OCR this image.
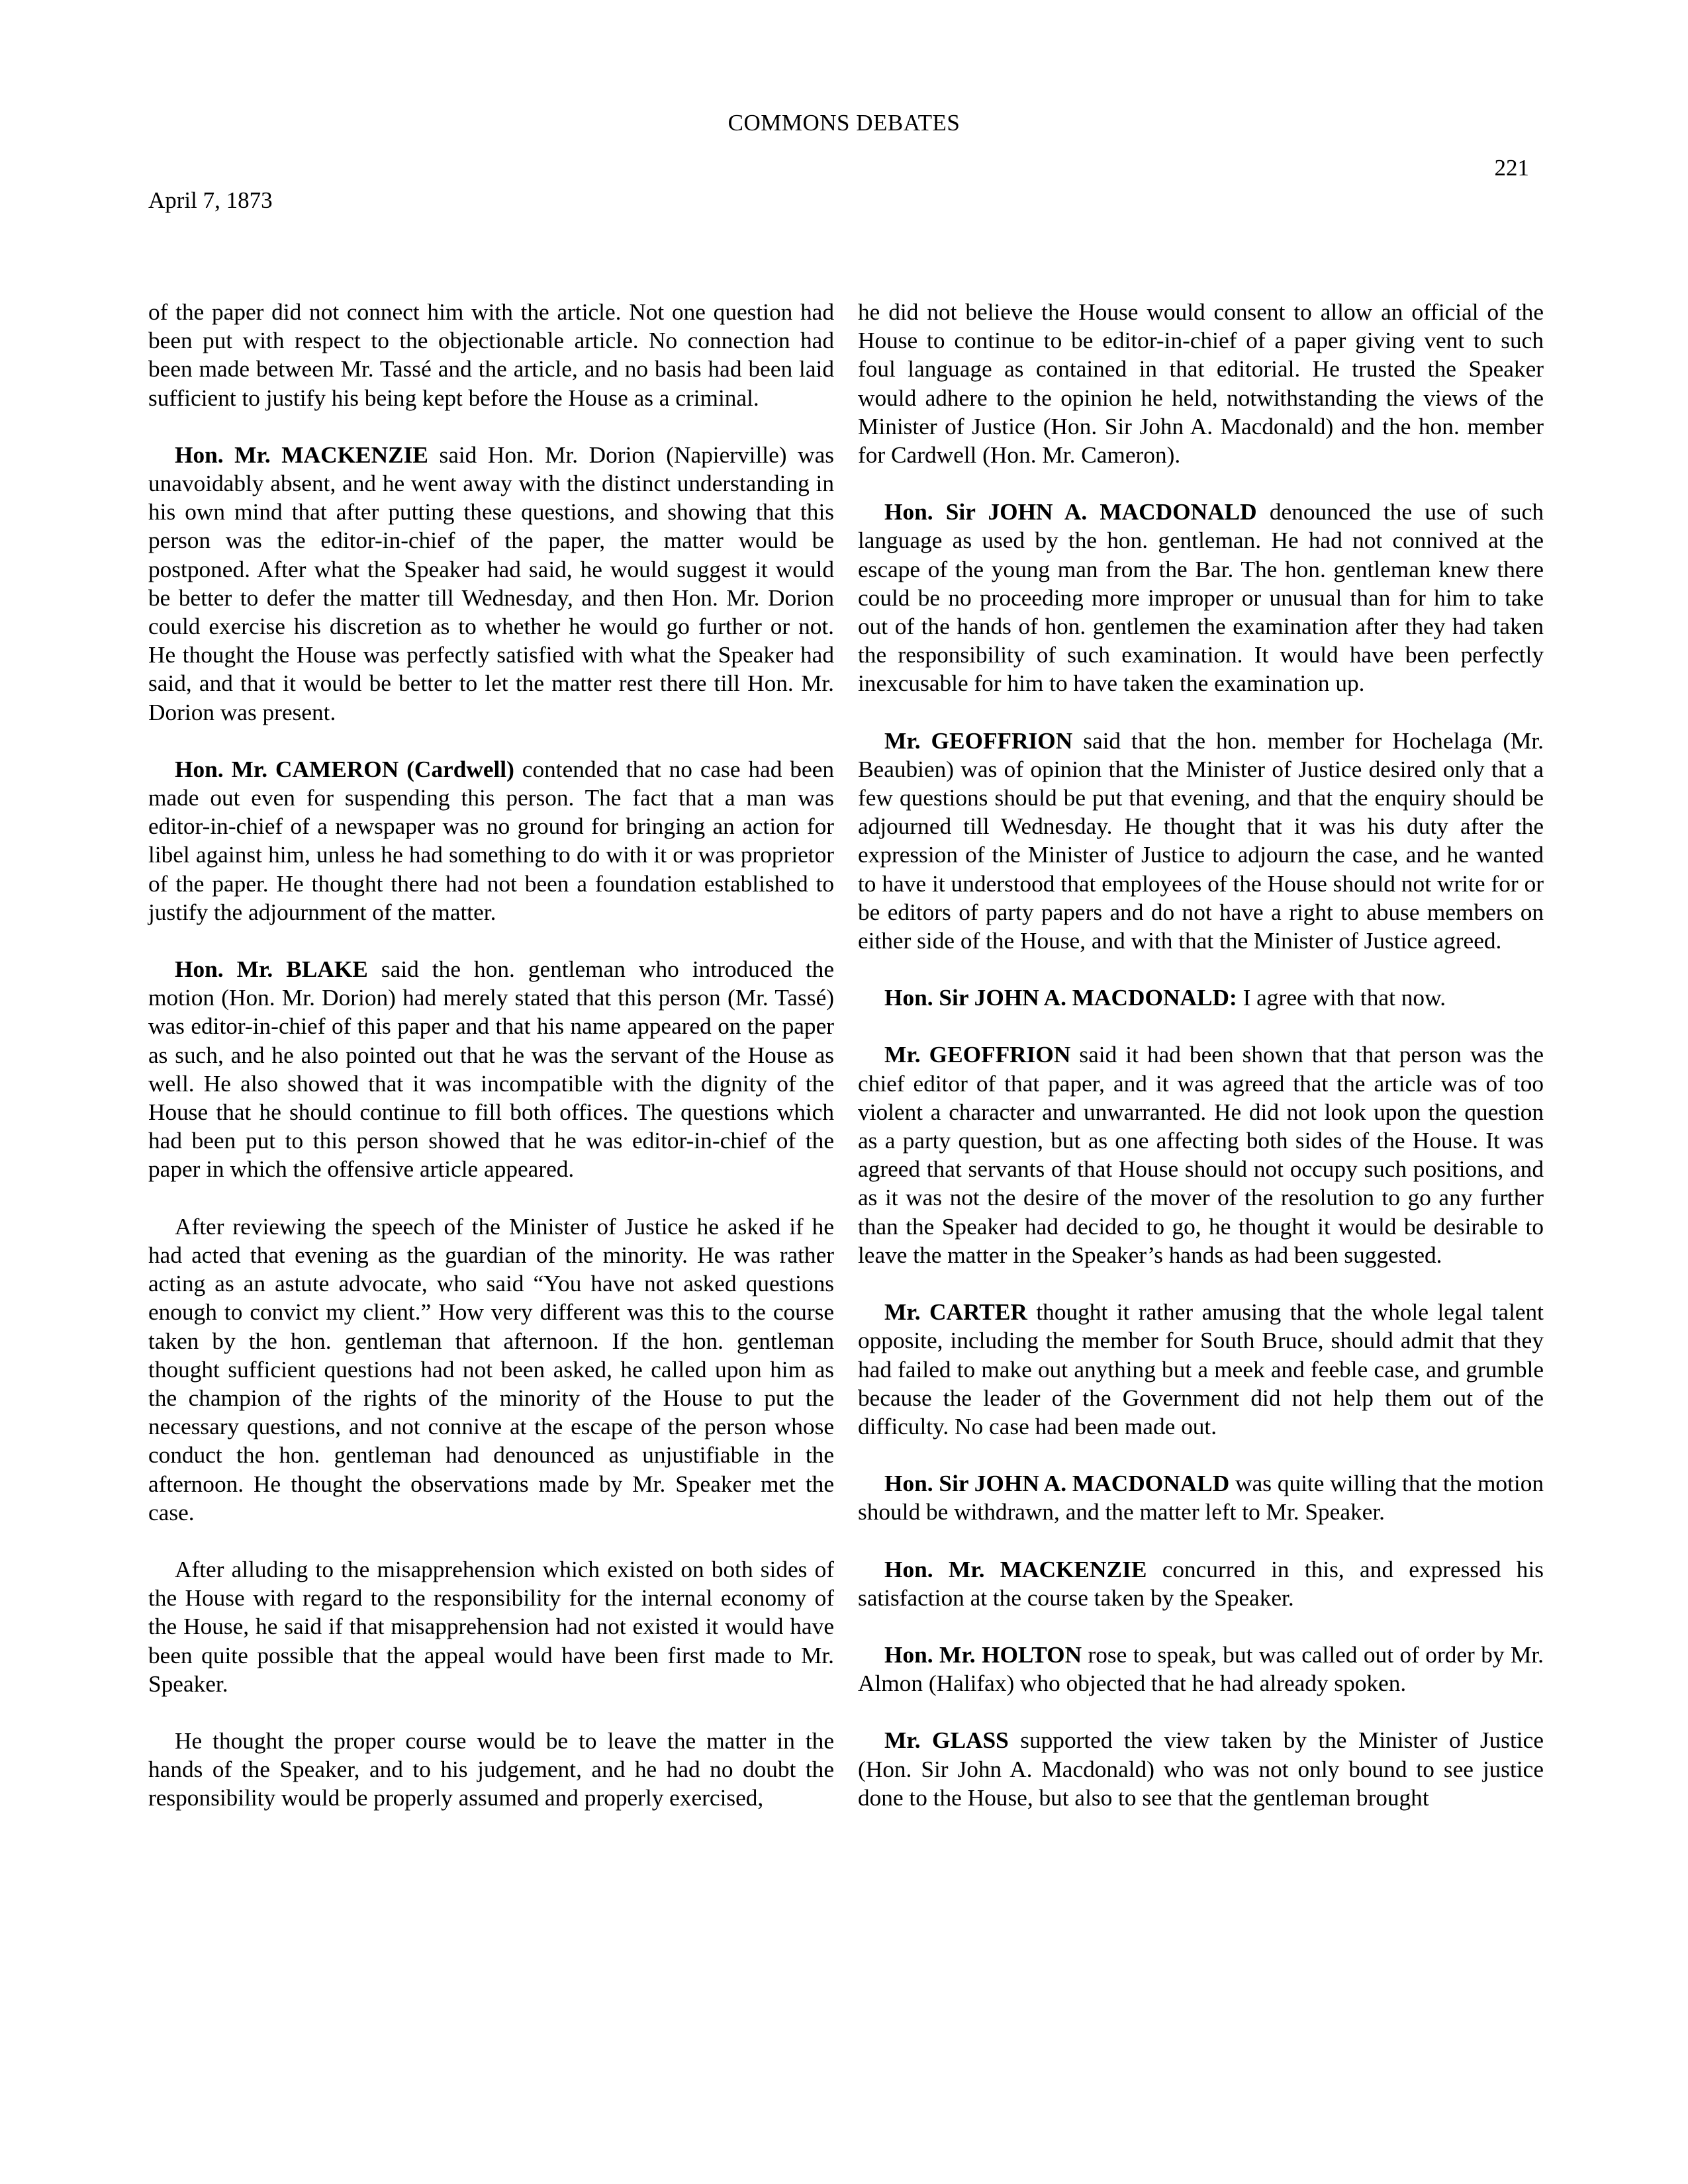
COMMONS DEBATES
221
April 7, 1873

of the paper did not connect him with the article. Not one question had been put with respect to the objectionable article. No connection had been made between Mr. Tassé and the article, and no basis had been laid sufficient to justify his being kept before the House as a criminal.

Hon. Mr. MACKENZIE said Hon. Mr. Dorion (Napierville) was unavoidably absent, and he went away with the distinct understanding in his own mind that after putting these questions, and showing that this person was the editor-in-chief of the paper, the matter would be postponed. After what the Speaker had said, he would suggest it would be better to defer the matter till Wednesday, and then Hon. Mr. Dorion could exercise his discretion as to whether he would go further or not. He thought the House was perfectly satisfied with what the Speaker had said, and that it would be better to let the matter rest there till Hon. Mr. Dorion was present.

Hon. Mr. CAMERON (Cardwell) contended that no case had been made out even for suspending this person. The fact that a man was editor-in-chief of a newspaper was no ground for bringing an action for libel against him, unless he had something to do with it or was proprietor of the paper. He thought there had not been a foundation established to justify the adjournment of the matter.

Hon. Mr. BLAKE said the hon. gentleman who introduced the motion (Hon. Mr. Dorion) had merely stated that this person (Mr. Tassé) was editor-in-chief of this paper and that his name appeared on the paper as such, and he also pointed out that he was the servant of the House as well. He also showed that it was incompatible with the dignity of the House that he should continue to fill both offices. The questions which had been put to this person showed that he was editor-in-chief of the paper in which the offensive article appeared.

After reviewing the speech of the Minister of Justice he asked if he had acted that evening as the guardian of the minority. He was rather acting as an astute advocate, who said “You have not asked questions enough to convict my client.” How very different was this to the course taken by the hon. gentleman that afternoon. If the hon. gentleman thought sufficient questions had not been asked, he called upon him as the champion of the rights of the minority of the House to put the necessary questions, and not connive at the escape of the person whose conduct the hon. gentleman had denounced as unjustifiable in the afternoon. He thought the observations made by Mr. Speaker met the case.

After alluding to the misapprehension which existed on both sides of the House with regard to the responsibility for the internal economy of the House, he said if that misapprehension had not existed it would have been quite possible that the appeal would have been first made to Mr. Speaker.

He thought the proper course would be to leave the matter in the hands of the Speaker, and to his judgement, and he had no doubt the responsibility would be properly assumed and properly exercised,

he did not believe the House would consent to allow an official of the House to continue to be editor-in-chief of a paper giving vent to such foul language as contained in that editorial. He trusted the Speaker would adhere to the opinion he held, notwithstanding the views of the Minister of Justice (Hon. Sir John A. Macdonald) and the hon. member for Cardwell (Hon. Mr. Cameron).

Hon. Sir JOHN A. MACDONALD denounced the use of such language as used by the hon. gentleman. He had not connived at the escape of the young man from the Bar. The hon. gentleman knew there could be no proceeding more improper or unusual than for him to take out of the hands of hon. gentlemen the examination after they had taken the responsibility of such examination. It would have been perfectly inexcusable for him to have taken the examination up.

Mr. GEOFFRION said that the hon. member for Hochelaga (Mr. Beaubien) was of opinion that the Minister of Justice desired only that a few questions should be put that evening, and that the enquiry should be adjourned till Wednesday. He thought that it was his duty after the expression of the Minister of Justice to adjourn the case, and he wanted to have it understood that employees of the House should not write for or be editors of party papers and do not have a right to abuse members on either side of the House, and with that the Minister of Justice agreed.

Hon. Sir JOHN A. MACDONALD: I agree with that now.

Mr. GEOFFRION said it had been shown that that person was the chief editor of that paper, and it was agreed that the article was of too violent a character and unwarranted. He did not look upon the question as a party question, but as one affecting both sides of the House. It was agreed that servants of that House should not occupy such positions, and as it was not the desire of the mover of the resolution to go any further than the Speaker had decided to go, he thought it would be desirable to leave the matter in the Speaker’s hands as had been suggested.

Mr. CARTER thought it rather amusing that the whole legal talent opposite, including the member for South Bruce, should admit that they had failed to make out anything but a meek and feeble case, and grumble because the leader of the Government did not help them out of the difficulty. No case had been made out.

Hon. Sir JOHN A. MACDONALD was quite willing that the motion should be withdrawn, and the matter left to Mr. Speaker.

Hon. Mr. MACKENZIE concurred in this, and expressed his satisfaction at the course taken by the Speaker.

Hon. Mr. HOLTON rose to speak, but was called out of order by Mr. Almon (Halifax) who objected that he had already spoken.

Mr. GLASS supported the view taken by the Minister of Justice (Hon. Sir John A. Macdonald) who was not only bound to see justice done to the House, but also to see that the gentleman brought
